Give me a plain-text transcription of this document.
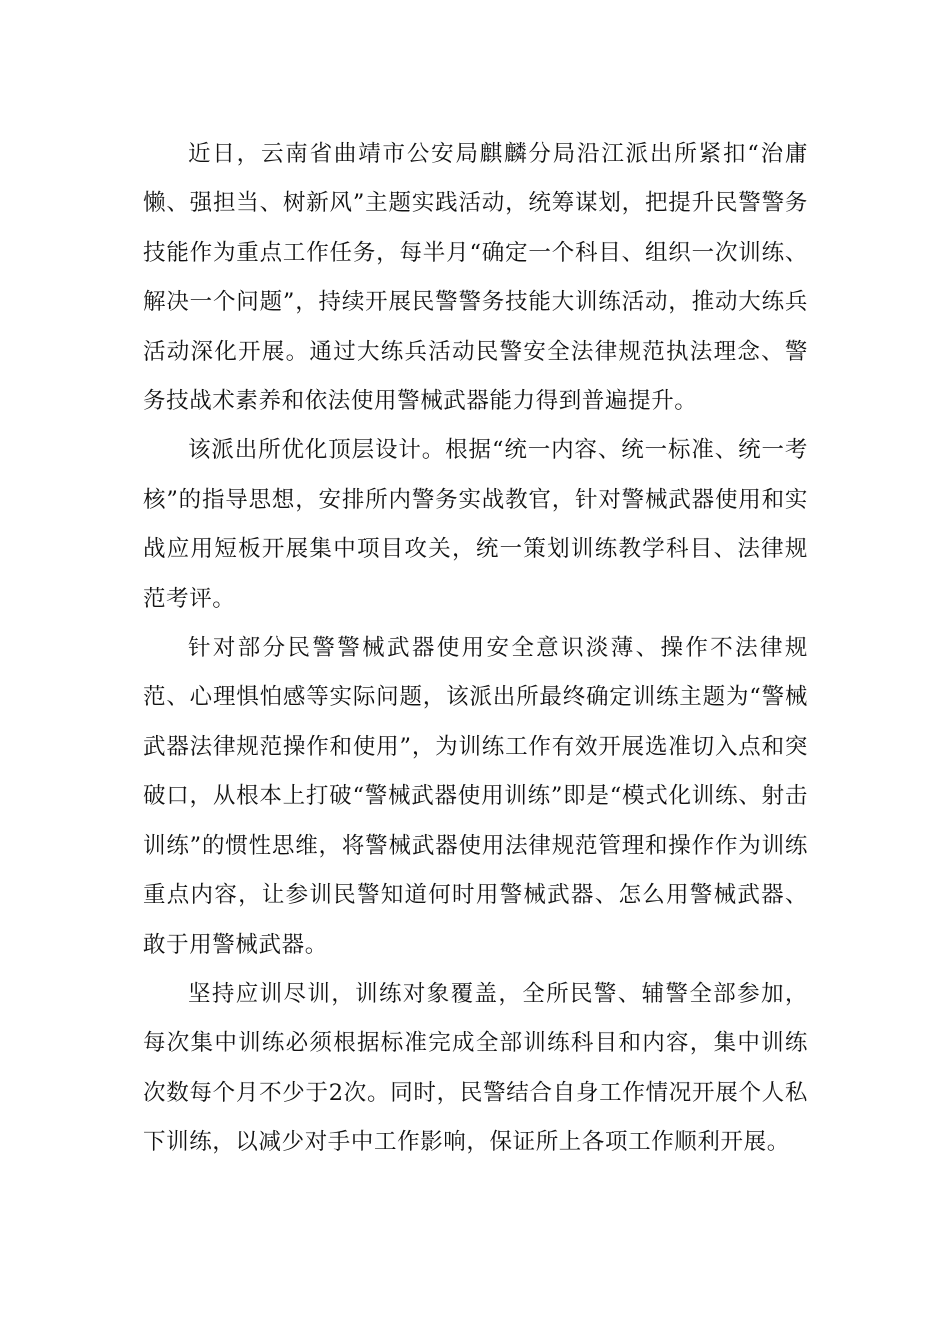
近日，云南省曲靖市公安局麒麟分局沿江派出所紧扣“治庸懒、强担当、树新风”主题实践活动，统筹谋划，把提升民警警务技能作为重点工作任务，每半月“确定一个科目、组织一次训练、解决一个问题”，持续开展民警警务技能大训练活动，推动大练兵活动深化开展。通过大练兵活动民警安全法律规范执法理念、警务技战术素养和依法使用警械武器能力得到普遍提升。

该派出所优化顶层设计。根据“统一内容、统一标准、统一考核”的指导思想，安排所内警务实战教官，针对警械武器使用和实战应用短板开展集中项目攻关，统一策划训练教学科目、法律规范考评。

针对部分民警警械武器使用安全意识淡薄、操作不法律规范、心理惧怕感等实际问题，该派出所最终确定训练主题为“警械武器法律规范操作和使用”，为训练工作有效开展选准切入点和突破口，从根本上打破“警械武器使用训练”即是“模式化训练、射击训练”的惯性思维，将警械武器使用法律规范管理和操作作为训练重点内容，让参训民警知道何时用警械武器、怎么用警械武器、敢于用警械武器。

坚持应训尽训，训练对象覆盖，全所民警、辅警全部参加，每次集中训练必须根据标准完成全部训练科目和内容，集中训练次数每个月不少于2次。同时，民警结合自身工作情况开展个人私下训练，以减少对手中工作影响，保证所上各项工作顺利开展。
